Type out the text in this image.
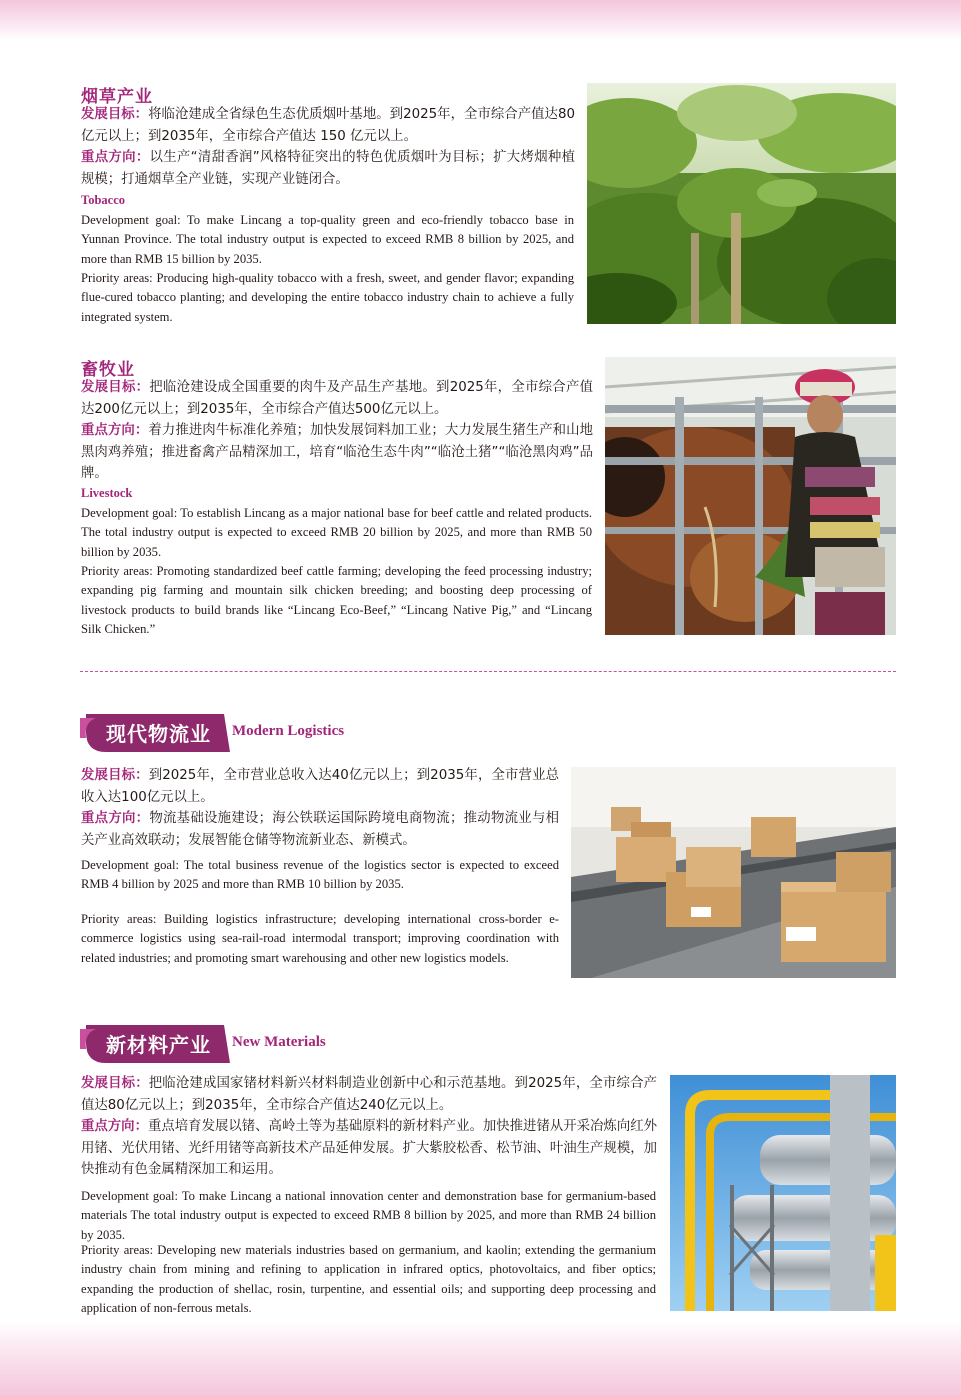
烟草产业
发展目标：将临沧建成全省绿色生态优质烟叶基地。到2025年，全市综合产值达80亿元以上；到2035年，全市综合产值达 150 亿元以上。
重点方向：以生产“清甜香润”风格特征突出的特色优质烟叶为目标；扩大烤烟种植规模；打通烟草全产业链，实现产业链闭合。
Tobacco
Development goal: To make Lincang a top-quality green and eco-friendly tobacco base in Yunnan Province. The total industry output is expected to exceed RMB 8 billion by 2025, and more than RMB 15 billion by 2035.
Priority areas: Producing high-quality tobacco with a fresh, sweet, and gender flavor; expanding flue-cured tobacco planting; and developing the entire tobacco industry chain to achieve a fully integrated system.
畜牧业
发展目标：把临沧建设成全国重要的肉牛及产品生产基地。到2025年，全市综合产值达200亿元以上；到2035年，全市综合产值达500亿元以上。
重点方向：着力推进肉牛标准化养殖；加快发展饲料加工业；大力发展生猪生产和山地黑肉鸡养殖；推进畜禽产品精深加工，培育“临沧生态牛肉”“临沧土猪”“临沧黑肉鸡”品牌。
Livestock
Development goal: To establish Lincang as a major national base for beef cattle and related products. The total industry output is expected to exceed RMB 20 billion by 2025, and more than RMB 50 billion by 2035.
Priority areas: Promoting standardized beef cattle farming; developing the feed processing industry; expanding pig farming and mountain silk chicken breeding; and boosting deep processing of livestock products to build brands like “Lincang Eco-Beef,” “Lincang Native Pig,” and “Lincang Silk Chicken.”
现代物流业 Modern Logistics
发展目标：到2025年，全市营业总收入达40亿元以上；到2035年，全市营业总收入达100亿元以上。
重点方向：物流基础设施建设；海公铁联运国际跨境电商物流；推动物流业与相关产业高效联动；发展智能仓储等物流新业态、新模式。
Development goal: The total business revenue of the logistics sector is expected to exceed RMB 4 billion by 2025 and more than RMB 10 billion by 2035.
Priority areas: Building logistics infrastructure; developing international cross-border e-commerce logistics using sea-rail-road intermodal transport; improving coordination with related industries; and promoting smart warehousing and other new logistics models.
新材料产业 New Materials
发展目标：把临沧建成国家锗材料新兴材料制造业创新中心和示范基地。到2025年，全市综合产值达80亿元以上；到2035年，全市综合产值达240亿元以上。
重点方向：重点培育发展以锗、高岭土等为基础原料的新材料产业。加快推进锗从开采冶炼向红外用锗、光伏用锗、光纤用锗等高新技术产品延伸发展。扩大紫胶松香、松节油、叶油生产规模，加快推动有色金属精深加工和运用。
Development goal: To make Lincang a national innovation center and demonstration base for germanium-based materials The total industry output is expected to exceed RMB 8 billion by 2025, and more than RMB 24 billion by 2035.
Priority areas: Developing new materials industries based on germanium, and kaolin; extending the germanium industry chain from mining and refining to application in infrared optics, photovoltaics, and fiber optics; expanding the production of shellac, rosin, turpentine, and essential oils; and supporting deep processing and application of non-ferrous metals.
